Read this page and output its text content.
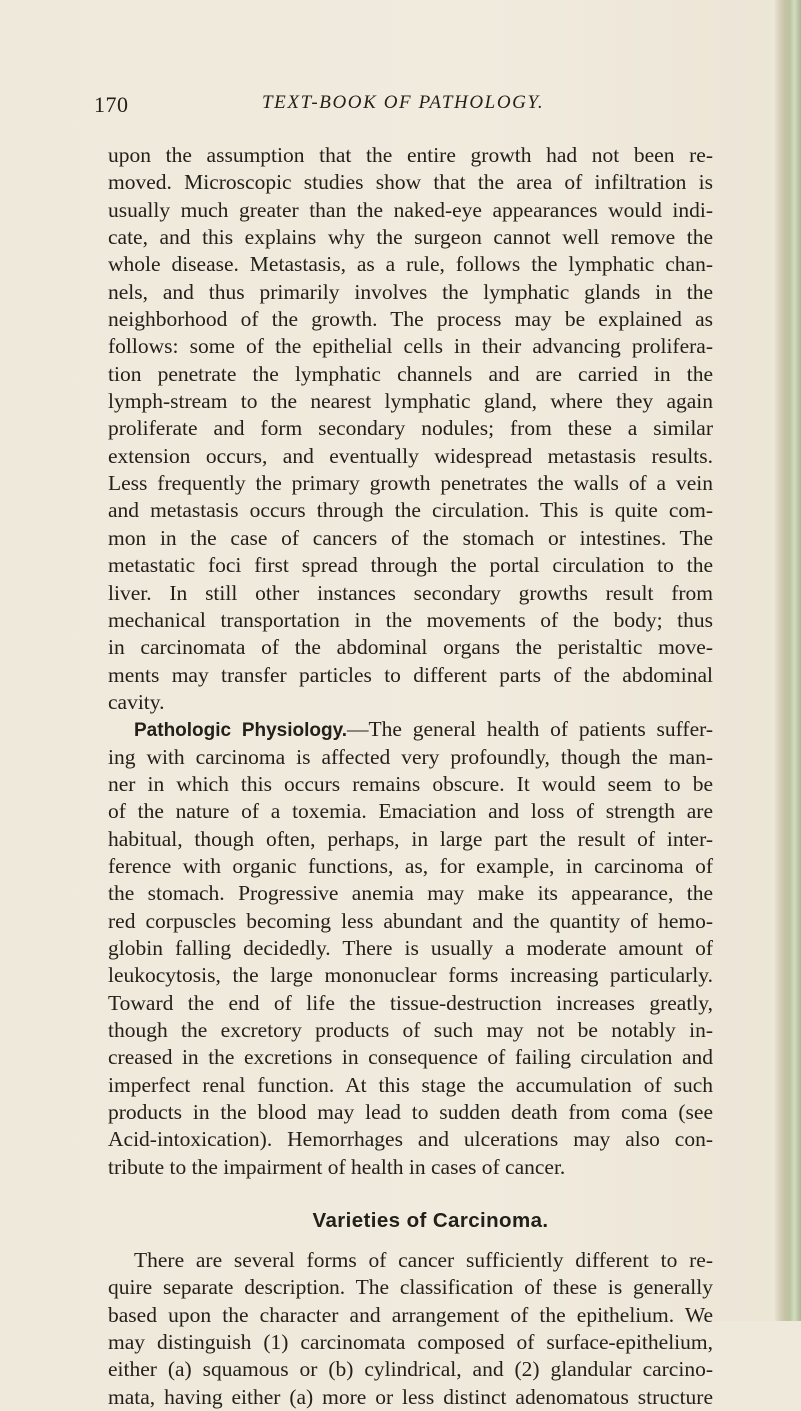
170	TEXT-BOOK OF PATHOLOGY.
upon the assumption that the entire growth had not been re-
moved. Microscopic studies show that the area of infiltration is
usually much greater than the naked-eye appearances would indi-
cate, and this explains why the surgeon cannot well remove the
whole disease. Metastasis, as a rule, follows the lymphatic chan-
nels, and thus primarily involves the lymphatic glands in the
neighborhood of the growth. The process may be explained as
follows: some of the epithelial cells in their advancing prolifera-
tion penetrate the lymphatic channels and are carried in the
lymph-stream to the nearest lymphatic gland, where they again
proliferate and form secondary nodules; from these a similar
extension occurs, and eventually widespread metastasis results.
Less frequently the primary growth penetrates the walls of a vein
and metastasis occurs through the circulation. This is quite com-
mon in the case of cancers of the stomach or intestines. The
metastatic foci first spread through the portal circulation to the
liver. In still other instances secondary growths result from
mechanical transportation in the movements of the body; thus
in carcinomata of the abdominal organs the peristaltic move-
ments may transfer particles to different parts of the abdominal
cavity.
Pathologic Physiology.—The general health of patients suffer-
ing with carcinoma is affected very profoundly, though the man-
ner in which this occurs remains obscure. It would seem to be
of the nature of a toxemia. Emaciation and loss of strength are
habitual, though often, perhaps, in large part the result of inter-
ference with organic functions, as, for example, in carcinoma of
the stomach. Progressive anemia may make its appearance, the
red corpuscles becoming less abundant and the quantity of hemo-
globin falling decidedly. There is usually a moderate amount of
leukocytosis, the large mononuclear forms increasing particularly.
Toward the end of life the tissue-destruction increases greatly,
though the excretory products of such may not be notably in-
creased in the excretions in consequence of failing circulation and
imperfect renal function. At this stage the accumulation of such
products in the blood may lead to sudden death from coma (see
Acid-intoxication). Hemorrhages and ulcerations may also con-
tribute to the impairment of health in cases of cancer.
Varieties of Carcinoma.
There are several forms of cancer sufficiently different to re-
quire separate description. The classification of these is generally
based upon the character and arrangement of the epithelium. We
may distinguish (1) carcinomata composed of surface-epithelium,
either (a) squamous or (b) cylindrical, and (2) glandular carcino-
mata, having either (a) more or less distinct adenomatous structure
